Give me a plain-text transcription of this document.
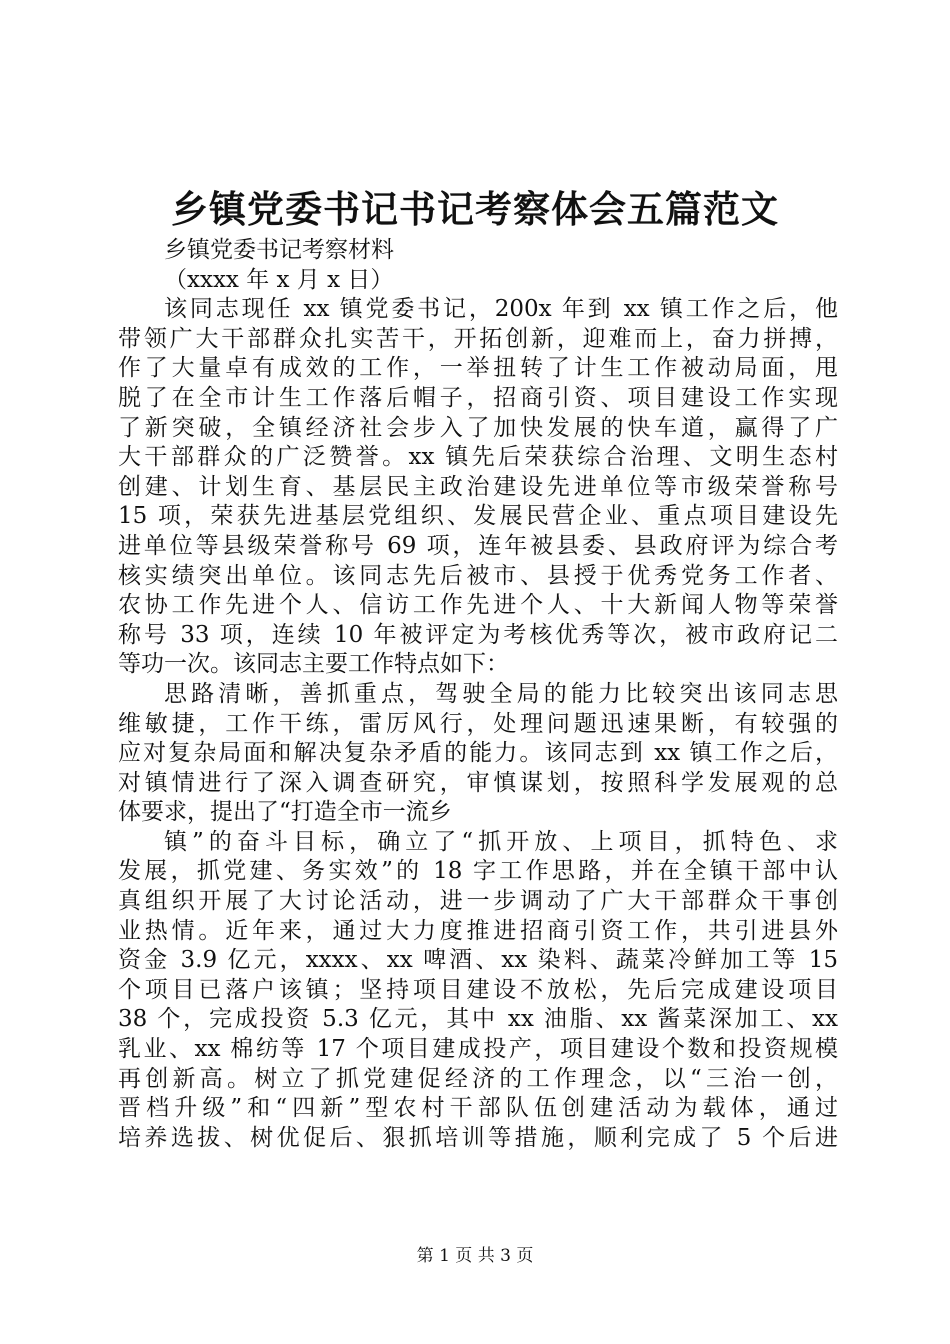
乡镇党委书记书记考察体会五篇范文
乡镇党委书记考察材料
（xxxx 年 x 月 x 日）
该同志现任 xx 镇党委书记，200x 年到 xx 镇工作之后，他
带领广大干部群众扎实苦干，开拓创新，迎难而上，奋力拼搏，
作了大量卓有成效的工作，一举扭转了计生工作被动局面，甩
脱了在全市计生工作落后帽子，招商引资、项目建设工作实现
了新突破，全镇经济社会步入了加快发展的快车道，赢得了广
大干部群众的广泛赞誉。xx 镇先后荣获综合治理、文明生态村
创建、计划生育、基层民主政治建设先进单位等市级荣誉称号
15 项，荣获先进基层党组织、发展民营企业、重点项目建设先
进单位等县级荣誉称号 69 项，连年被县委、县政府评为综合考
核实绩突出单位。该同志先后被市、县授于优秀党务工作者、
农协工作先进个人、信访工作先进个人、十大新闻人物等荣誉
称号 33 项，连续 10 年被评定为考核优秀等次，被市政府记二
等功一次。该同志主要工作特点如下：
思路清晰，善抓重点，驾驶全局的能力比较突出该同志思
维敏捷，工作干练，雷厉风行，处理问题迅速果断，有较强的
应对复杂局面和解决复杂矛盾的能力。该同志到 xx 镇工作之后，
对镇情进行了深入调查研究，审慎谋划，按照科学发展观的总
体要求，提出了“打造全市一流乡
镇”的奋斗目标，确立了“抓开放、上项目，抓特色、求
发展，抓党建、务实效”的 18 字工作思路，并在全镇干部中认
真组织开展了大讨论活动，进一步调动了广大干部群众干事创
业热情。近年来，通过大力度推进招商引资工作，共引进县外
资金 3.9 亿元，xxxx、xx 啤酒、xx 染料、蔬菜冷鲜加工等 15
个项目已落户该镇；坚持项目建设不放松，先后完成建设项目
38 个，完成投资 5.3 亿元，其中 xx 油脂、xx 酱菜深加工、xx
乳业、xx 棉纺等 17 个项目建成投产，项目建设个数和投资规模
再创新高。树立了抓党建促经济的工作理念，以“三治一创，
晋档升级”和“四新”型农村干部队伍创建活动为载体，通过
培养选拔、树优促后、狠抓培训等措施，顺利完成了 5 个后进
第 1 页 共 3 页
